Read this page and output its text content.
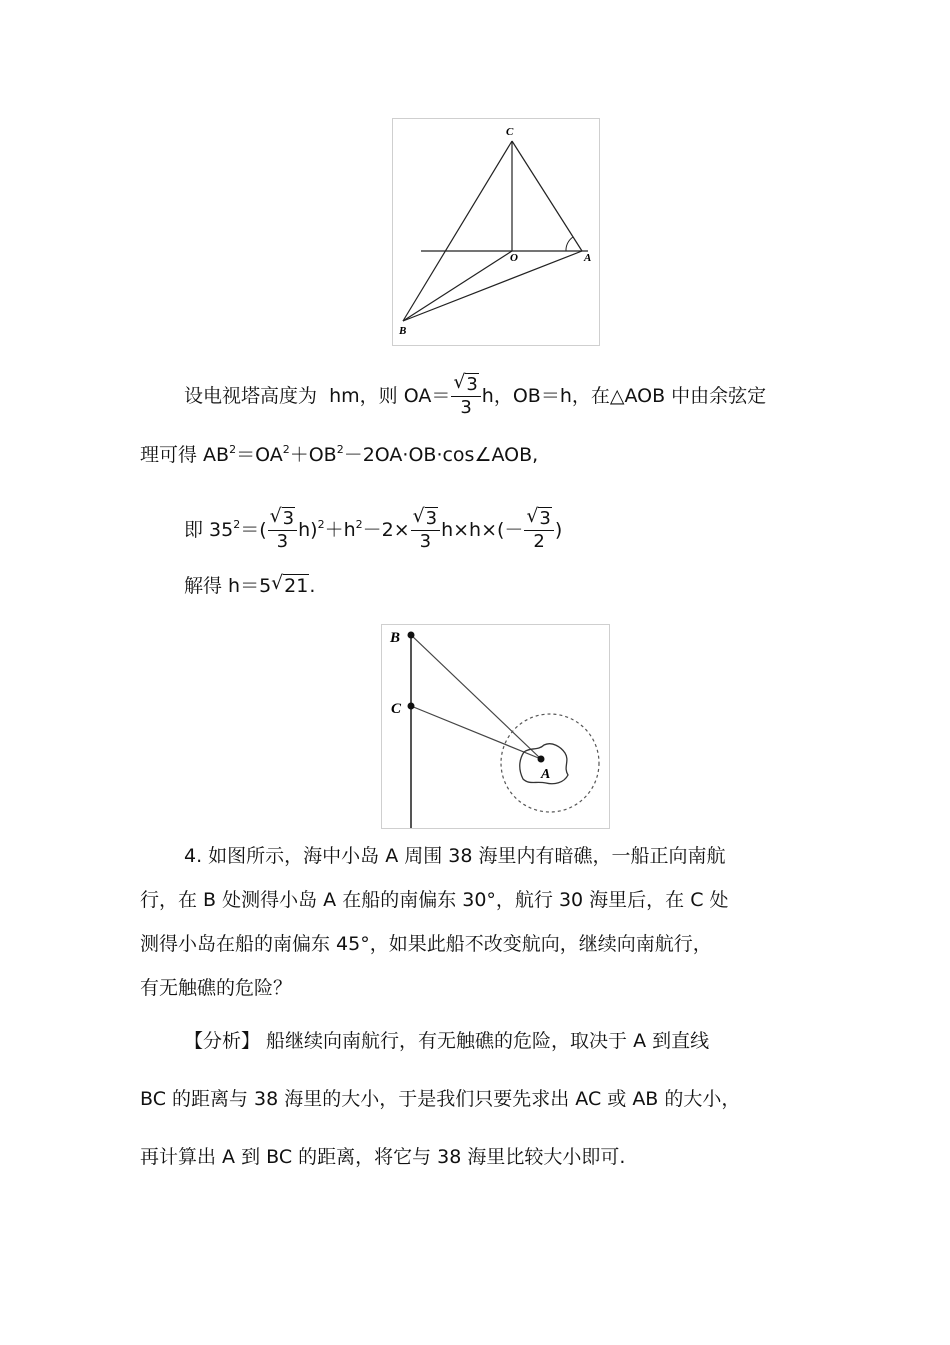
C
O	A
B
设电视塔高度为 hm，则 $OA= \frac{√ 3}{3}$ h，OB＝h，在△AOB 中由余弦定
理可得 $AB^2=OA^2+OB^2-2OA\cdot OB\cdot\cos\angle AOB$,
即 $35^2=( \frac{√ 3}{3} h)^2+h^2-2\times \frac{√ 3}{3} h\times h\times(- \frac{√ 3}{2}$ )
解得 h＝5 √ 21.
B
C
A
4. 如图所示，海中小岛 A 周围 38 海里内有暗礁，一船正向南航
行，在 B 处测得小岛 A 在船的南偏东 30°，航行 30 海里后，在 C 处
测得小岛在船的南偏东 45°，如果此船不改变航向，继续向南航行，
有无触礁的危险？
【分析】 船继续向南航行，有无触礁的危险，取决于 A 到直线
BC 的距离与 38 海里的大小，于是我们只要先求出 AC 或 AB 的大小，
再计算出 A 到 BC 的距离，将它与 38 海里比较大小即可.
